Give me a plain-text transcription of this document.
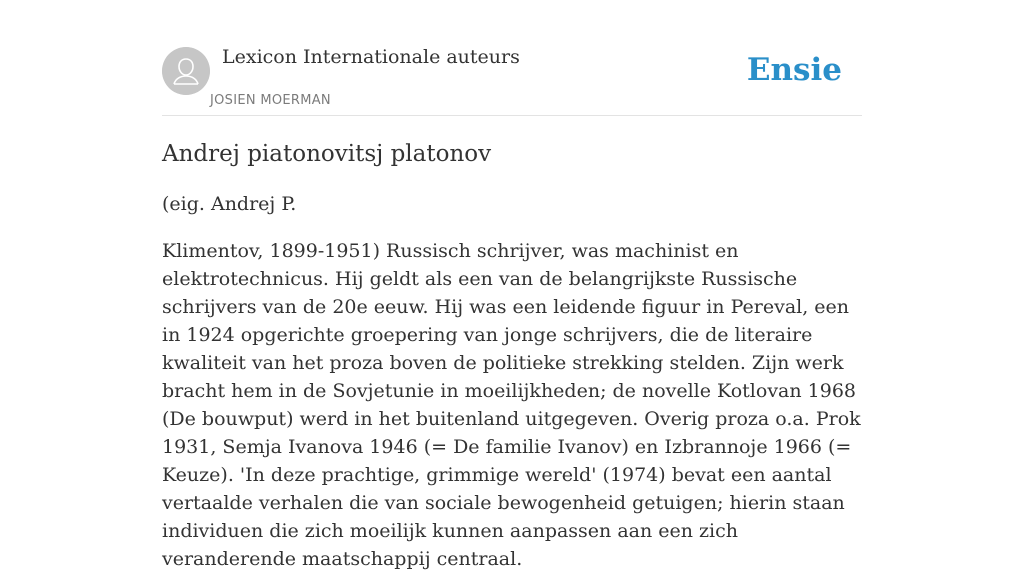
Lexicon Internationale auteurs
JOSIEN MOERMAN
Ensie
Andrej piatonovitsj platonov

(eig. Andrej P.

Klimentov, 1899-1951) Russisch schrijver, was machinist en elektrotechnicus. Hij geldt als een van de belangrijkste Russische schrijvers van de 20e eeuw. Hij was een leidende figuur in Pereval, een in 1924 opgerichte groepering van jonge schrijvers, die de literaire kwaliteit van het proza boven de politieke strekking stelden. Zijn werk bracht hem in de Sovjetunie in moeilijkheden; de novelle Kotlovan 1968 (De bouwput) werd in het buitenland uitgegeven. Overig proza o.a. Prok 1931, Semja Ivanova 1946 (= De familie Ivanov) en Izbrannoje 1966 (= Keuze). 'In deze prachtige, grimmige wereld' (1974) bevat een aantal vertaalde verhalen die van sociale bewogenheid getuigen; hierin staan individuen die zich moeilijk kunnen aanpassen aan een zich veranderende maatschappij centraal.
